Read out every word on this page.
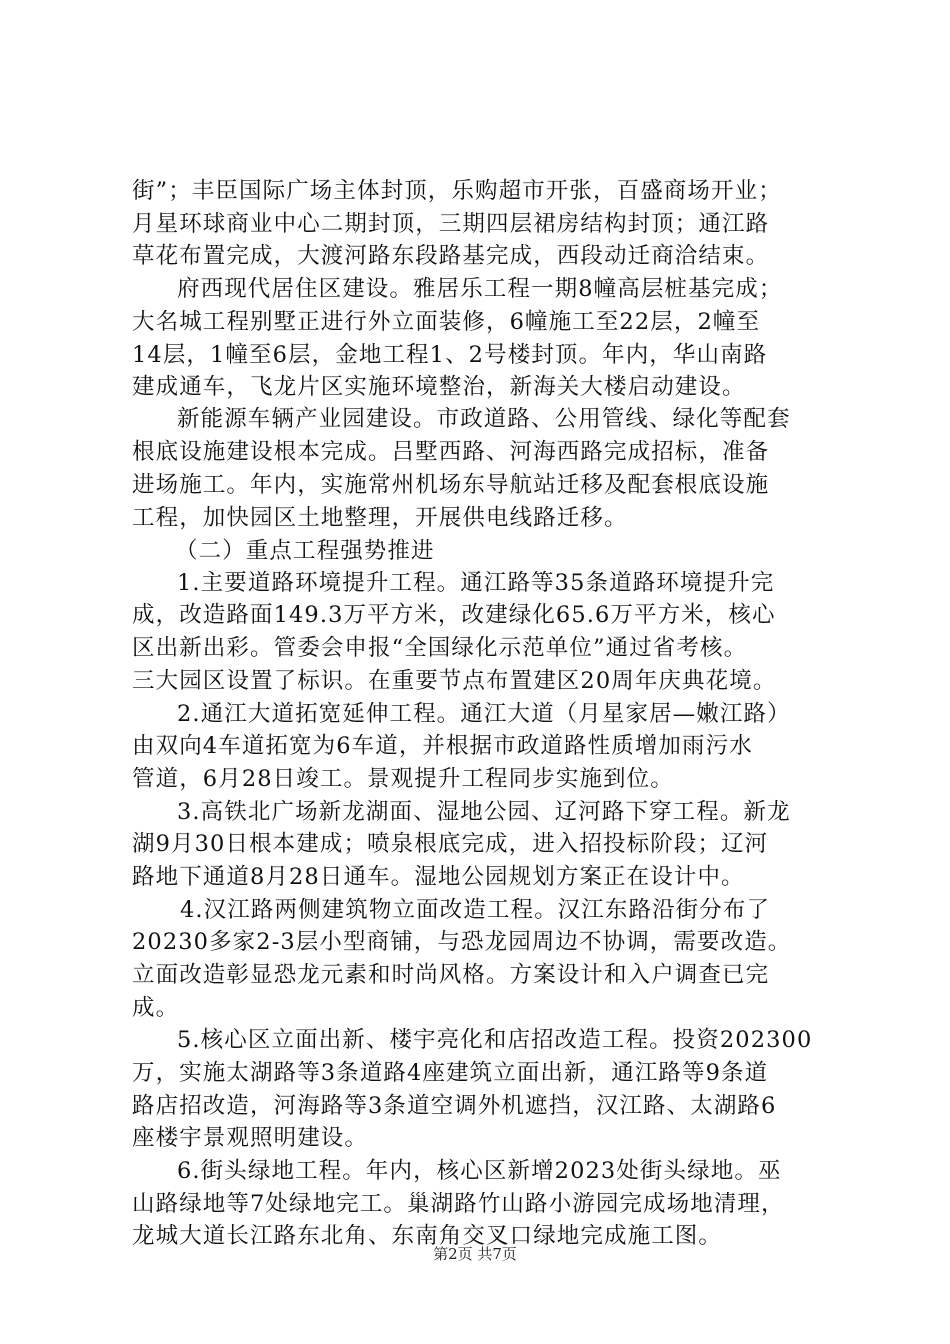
街”；丰臣国际广场主体封顶，乐购超市开张，百盛商场开业；
月星环球商业中心二期封顶，三期四层裙房结构封顶；通江路
草花布置完成，大渡河路东段路基完成，西段动迁商洽结束。
府西现代居住区建设。雅居乐工程一期8幢高层桩基完成；
大名城工程别墅正进行外立面装修，6幢施工至22层，2幢至
14层，1幢至6层，金地工程1、2号楼封顶。年内，华山南路
建成通车，飞龙片区实施环境整治，新海关大楼启动建设。
新能源车辆产业园建设。市政道路、公用管线、绿化等配套
根底设施建设根本完成。吕墅西路、河海西路完成招标，准备
进场施工。年内，实施常州机场东导航站迁移及配套根底设施
工程，加快园区土地整理，开展供电线路迁移。
（二）重点工程强势推进
1.主要道路环境提升工程。通江路等35条道路环境提升完
成，改造路面149.3万平方米，改建绿化65.6万平方米，核心
区出新出彩。管委会申报“全国绿化示范单位”通过省考核。
三大园区设置了标识。在重要节点布置建区20周年庆典花境。
2.通江大道拓宽延伸工程。通江大道（月星家居—嫩江路）
由双向4车道拓宽为6车道，并根据市政道路性质增加雨污水
管道，6月28日竣工。景观提升工程同步实施到位。
3.高铁北广场新龙湖面、湿地公园、辽河路下穿工程。新龙
湖9月30日根本建成；喷泉根底完成，进入招投标阶段；辽河
路地下通道8月28日通车。湿地公园规划方案正在设计中。
4.汉江路两侧建筑物立面改造工程。汉江东路沿街分布了
20230多家2-3层小型商铺，与恐龙园周边不协调，需要改造。
立面改造彰显恐龙元素和时尚风格。方案设计和入户调查已完
成。
5.核心区立面出新、楼宇亮化和店招改造工程。投资202300
万，实施太湖路等3条道路4座建筑立面出新，通江路等9条道
路店招改造，河海路等3条道空调外机遮挡，汉江路、太湖路6
座楼宇景观照明建设。
6.街头绿地工程。年内，核心区新增2023处街头绿地。巫
山路绿地等7处绿地完工。巢湖路竹山路小游园完成场地清理，
龙城大道长江路东北角、东南角交叉口绿地完成施工图。
第2页 共7页
